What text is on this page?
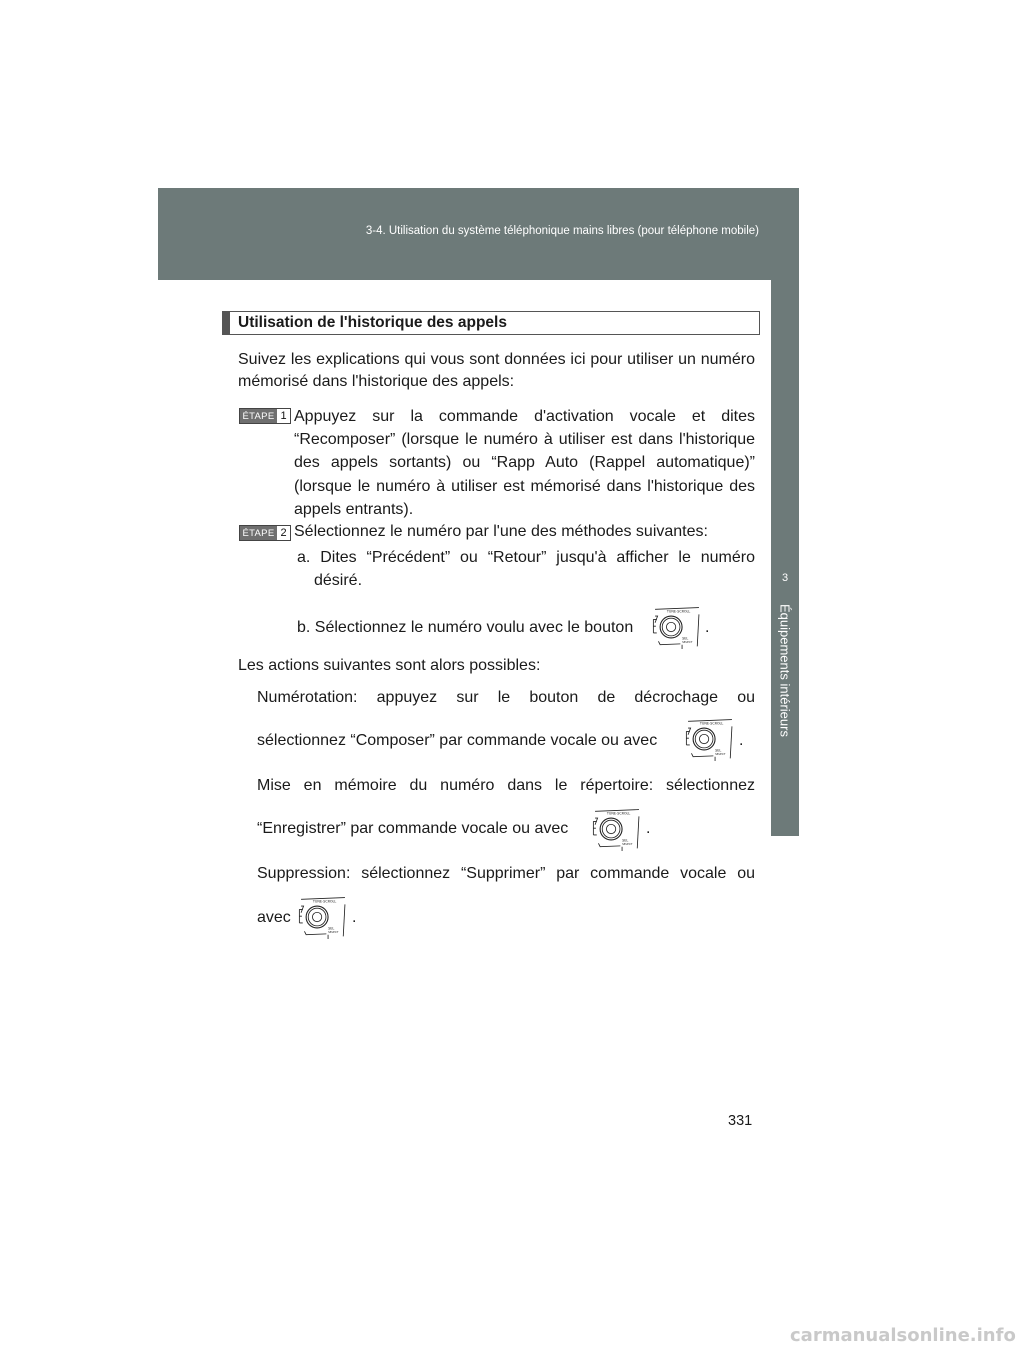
3-4. Utilisation du système téléphonique mains libres (pour téléphone mobile)
3
Équipements intérieurs
Utilisation de l'historique des appels
Suivez les explications qui vous sont données ici pour utiliser un numéro mémorisé dans l'historique des appels:
ÉTAPE 1 Appuyez sur la commande d'activation vocale et dites “Recomposer” (lorsque le numéro à utiliser est dans l'historique des appels sortants) ou “Rapp Auto (Rappel automatique)” (lorsque le numéro à utiliser est mémorisé dans l'historique des appels entrants).
ÉTAPE 2 Sélectionnez le numéro par l'une des méthodes suivantes:
a. Dites “Précédent” ou “Retour” jusqu'à afficher le numéro désiré.
b. Sélectionnez le numéro voulu avec le bouton	.
Les actions suivantes sont alors possibles:
Numérotation: appuyez sur le bouton de décrochage ou
sélectionnez “Composer” par commande vocale ou avec	.
Mise en mémoire du numéro dans le répertoire: sélectionnez
“Enregistrer” par commande vocale ou avec	.
Suppression: sélectionnez “Supprimer” par commande vocale ou
avec	.
331
carmanualsonline.info
